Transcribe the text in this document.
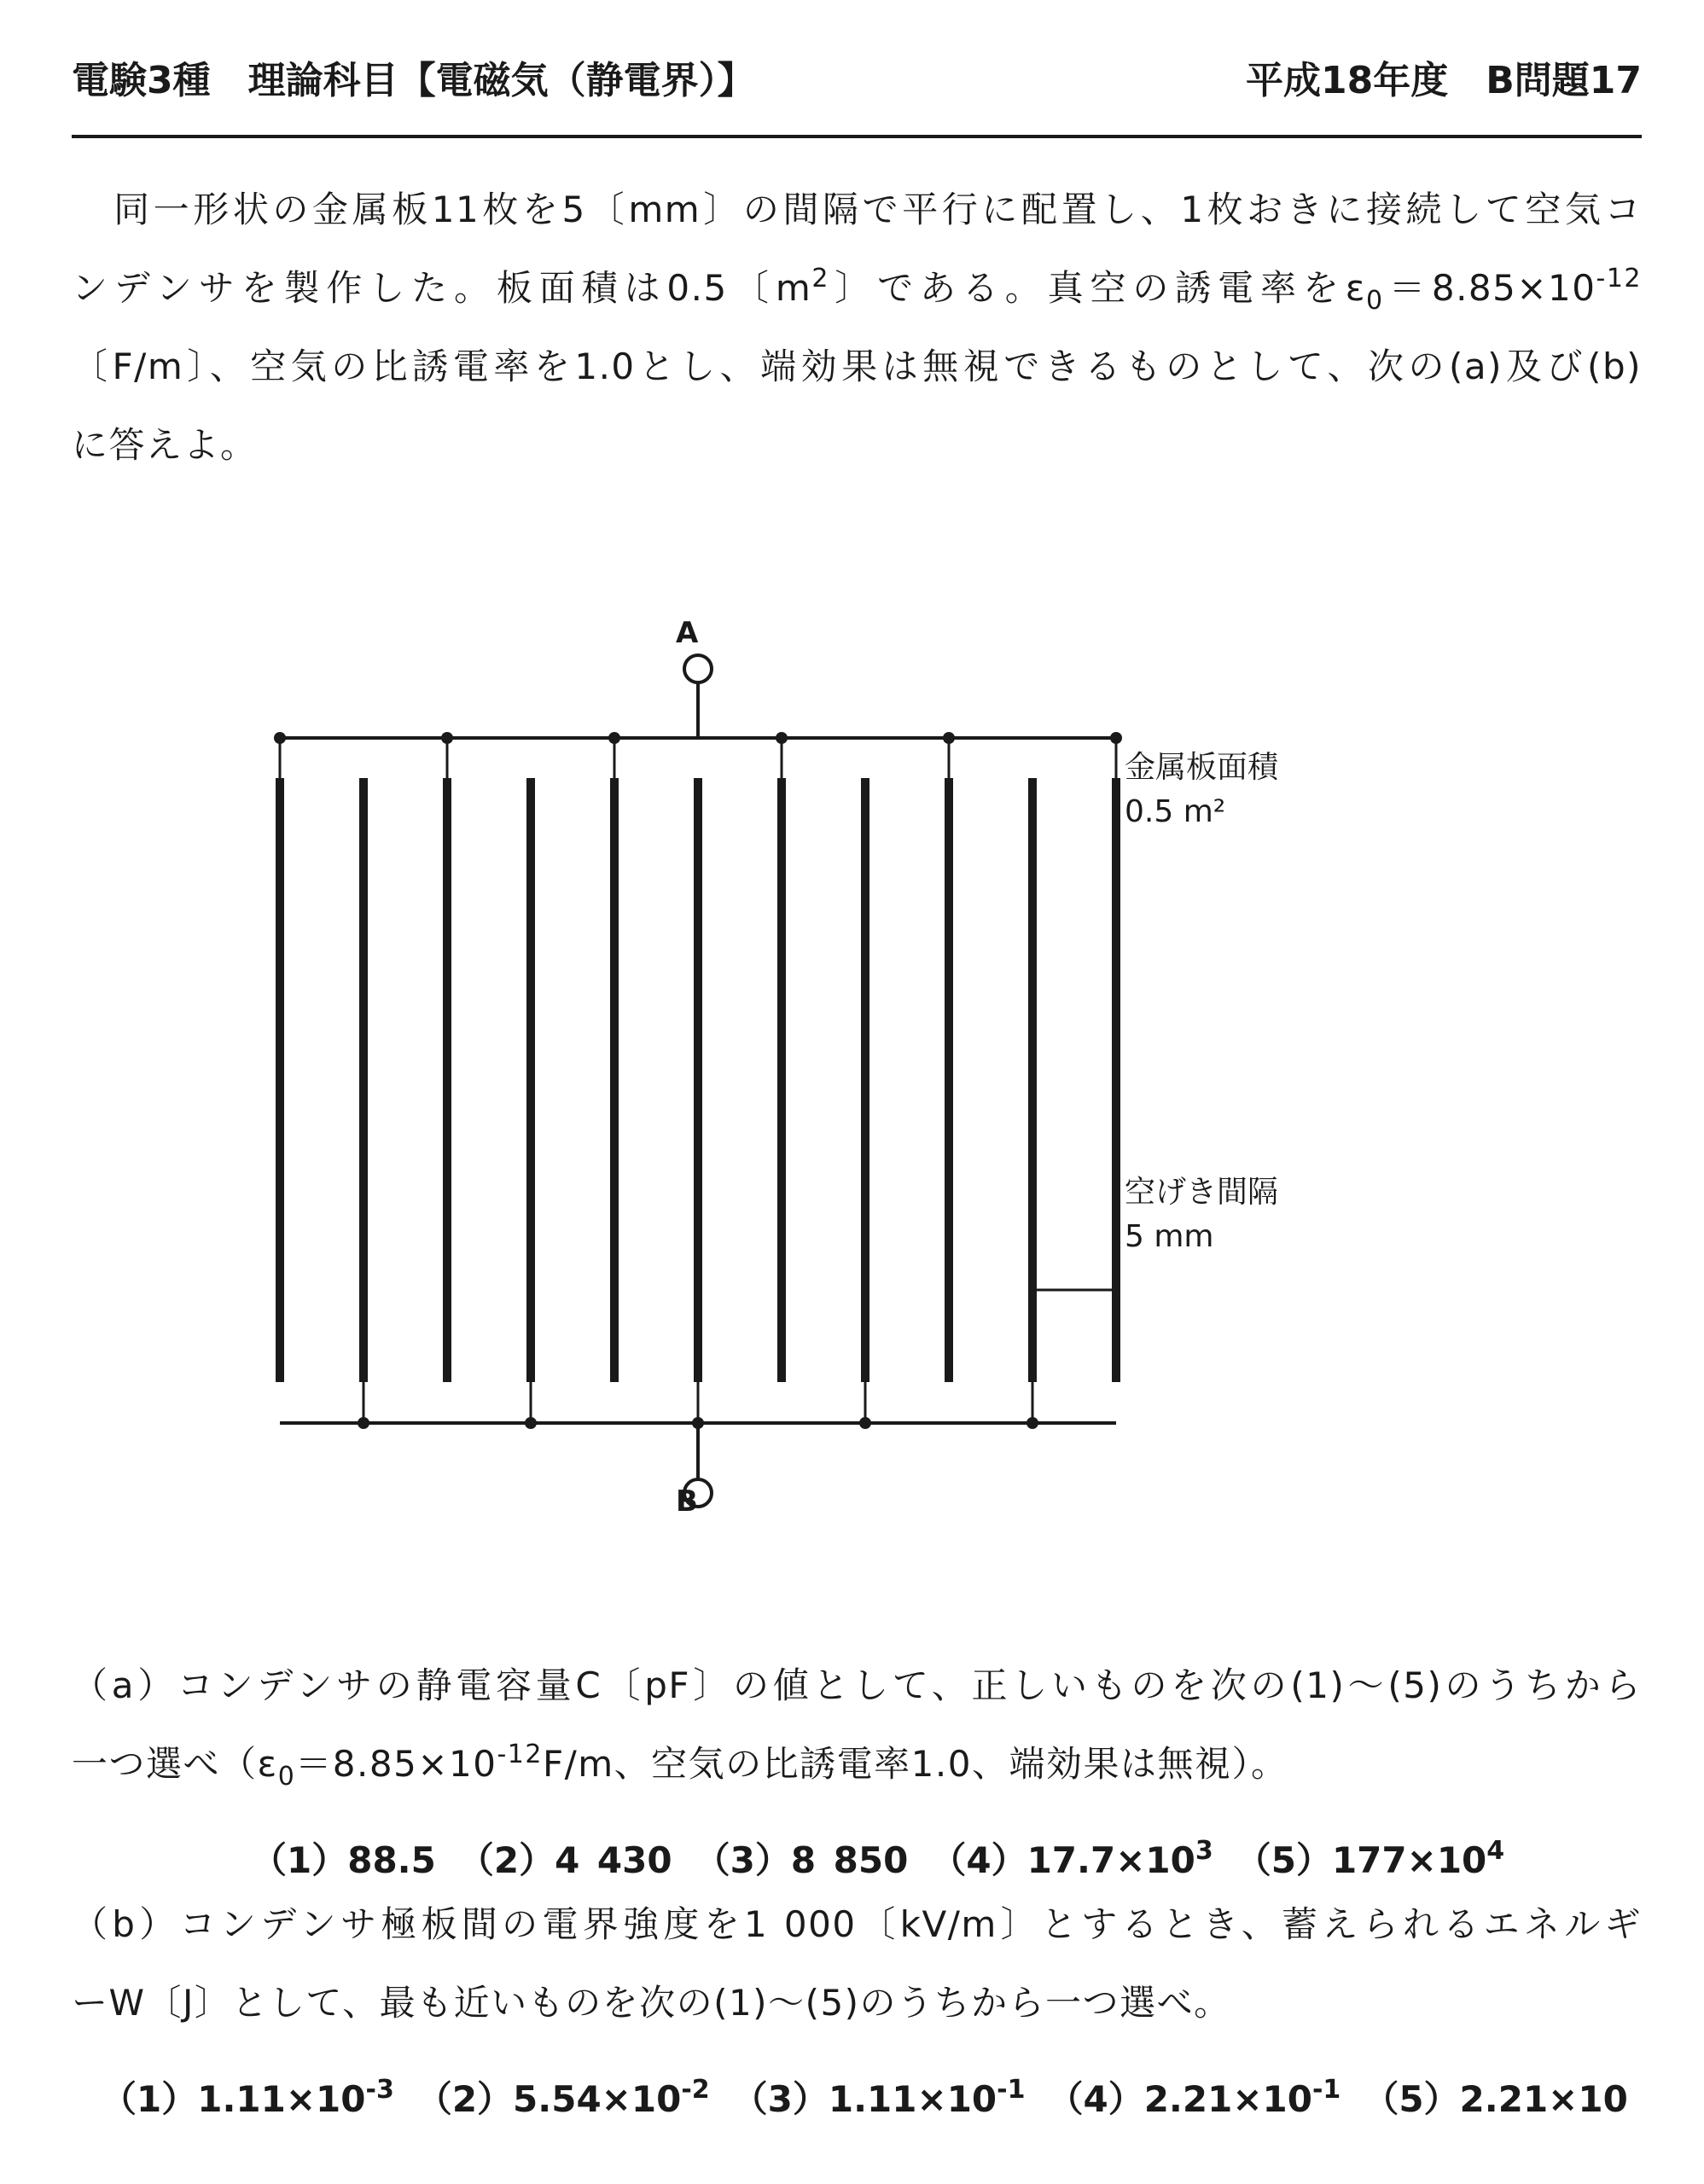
電験3種　理論科目【電磁気（静電界）】	平成18年度　B問題17
同一形状の金属板11枚を5〔mm〕の間隔で平行に配置し、1枚おきに接続して空気コ
ンデンサを製作した。板面積は0.5〔$m^2$〕である。真空の誘電率を$\varepsilon_0=8.85\times 10^{-12}$
〔F/m〕、空気の比誘電率を1.0とし、端効果は無視できるものとして、次の(a)及び(b)
に答えよ。
A
B
金属板面積
0.5 m²
空げき間隔
5 mm
（a）コンデンサの静電容量C〔pF〕の値として、正しいものを次の(1)〜(5)のうちから
一つ選べ（$\varepsilon_0=8.85\times 10^{-12}F/m$、空気の比誘電率1.0、端効果は無視）。
（1）88.5 （2）4 430 （3）8 850 $(4)17.7\times 10^3$ $(5)177\times 10^4$
（b）コンデンサ極板間の電界強度を1 000〔kV/m〕とするとき、蓄えられるエネルギ
ーW〔J〕として、最も近いものを次の(1)〜(5)のうちから一つ選べ。
$(1)1.11\times 10^{-3}$ $(2)5.54\times 10^{-2}$ $(3)1.11\times 10^{-1}$ $(4)2.21\times 10^{-1}$ （5）2.21×10
